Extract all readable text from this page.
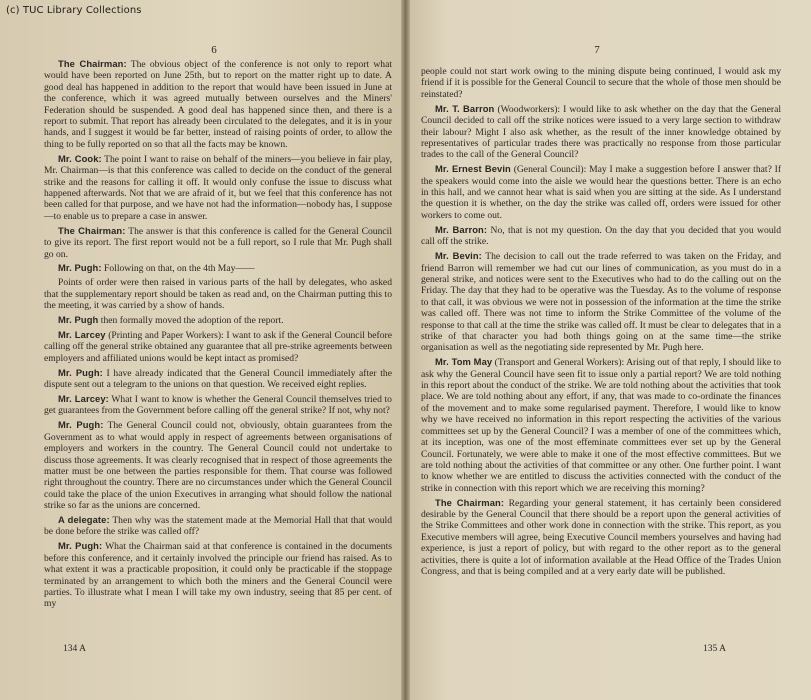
(c) TUC Library Collections
6

The Chairman: The obvious object of the conference is not only to report what would have been reported on June 25th, but to report on the matter right up to date. A good deal has happened in addition to the report that would have been issued in June at the conference, which it was agreed mutually between ourselves and the Miners' Federation should be suspended. A good deal has happened since then, and there is a report to submit. That report has already been circulated to the delegates, and it is in your hands, and I suggest it would be far better, instead of raising points of order, to allow the thing to be fully reported on so that all the facts may be known.

Mr. Cook: The point I want to raise on behalf of the miners—you believe in fair play, Mr. Chairman—is that this conference was called to decide on the conduct of the general strike and the reasons for calling it off. It would only confuse the issue to discuss what happened afterwards. Not that we are afraid of it, but we feel that this conference has not been called for that purpose, and we have not had the information—nobody has, I suppose—to enable us to prepare a case in answer.

The Chairman: The answer is that this conference is called for the General Council to give its report. The first report would not be a full report, so I rule that Mr. Pugh shall go on.

Mr. Pugh: Following on that, on the 4th May——

Points of order were then raised in various parts of the hall by delegates, who asked that the supplementary report should be taken as read and, on the Chairman putting this to the meeting, it was carried by a show of hands.

Mr. Pugh then formally moved the adoption of the report.

Mr. Larcey (Printing and Paper Workers): I want to ask if the General Council before calling off the general strike obtained any guarantee that all pre-strike agreements between employers and affiliated unions would be kept intact as promised?

Mr. Pugh: I have already indicated that the General Council immediately after the dispute sent out a telegram to the unions on that question. We received eight replies.

Mr. Larcey: What I want to know is whether the General Council themselves tried to get guarantees from the Government before calling off the general strike? If not, why not?

Mr. Pugh: The General Council could not, obviously, obtain guarantees from the Government as to what would apply in respect of agreements between organisations of employers and workers in the country. The General Council could not undertake to discuss those agreements. It was clearly recognised that in respect of those agreements the matter must be one between the parties responsible for them. That course was followed right throughout the country. There are no circumstances under which the General Council could take the place of the union Executives in arranging what should follow the national strike so far as the unions are concerned.

A delegate: Then why was the statement made at the Memorial Hall that that would be done before the strike was called off?

Mr. Pugh: What the Chairman said at that conference is contained in the documents before this conference, and it certainly involved the principle our friend has raised. As to what extent it was a practicable proposition, it could only be practicable if the stoppage terminated by an arrangement to which both the miners and the General Council were parties. To illustrate what I mean I will take my own industry, seeing that 85 per cent. of my

134 A
7

people could not start work owing to the mining dispute being continued, I would ask my friend if it is possible for the General Council to secure that the whole of those men should be reinstated?

Mr. T. Barron (Woodworkers): I would like to ask whether on the day that the General Council decided to call off the strike notices were issued to a very large section to withdraw their labour? Might I also ask whether, as the result of the inner knowledge obtained by representatives of particular trades there was practically no response from those particular trades to the call of the General Council?

Mr. Ernest Bevin (General Council): May I make a suggestion before I answer that? If the speakers would come into the aisle we would hear the questions better. There is an echo in this hall, and we cannot hear what is said when you are sitting at the side. As I understand the question it is whether, on the day the strike was called off, orders were issued for other workers to come out.

Mr. Barron: No, that is not my question. On the day that you decided that you would call off the strike.

Mr. Bevin: The decision to call out the trade referred to was taken on the Friday, and friend Barron will remember we had cut our lines of communication, as you must do in a general strike, and notices were sent to the Executives who had to do the calling out on the Friday. The day that they had to be operative was the Tuesday. As to the volume of response to that call, it was obvious we were not in possession of the information at the time the strike was called off. There was not time to inform the Strike Committee of the volume of the response to that call at the time the strike was called off. It must be clear to delegates that in a strike of that character you had both things going on at the same time—the strike organisation as well as the negotiating side represented by Mr. Pugh here.

Mr. Tom May (Transport and General Workers): Arising out of that reply, I should like to ask why the General Council have seen fit to issue only a partial report? We are told nothing in this report about the conduct of the strike. We are told nothing about the activities that took place. We are told nothing about any effort, if any, that was made to co-ordinate the finances of the movement and to make some regularised payment. Therefore, I would like to know why we have received no information in this report respecting the activities of the various committees set up by the General Council? I was a member of one of the committees which, at its inception, was one of the most effeminate committees ever set up by the General Council. Fortunately, we were able to make it one of the most effective committees. But we are told nothing about the activities of that committee or any other. One further point. I want to know whether we are entitled to discuss the activities connected with the conduct of the strike in connection with this report which we are receiving this morning?

The Chairman: Regarding your general statement, it has certainly been considered desirable by the General Council that there should be a report upon the general activities of the Strike Committees and other work done in connection with the strike. This report, as you Executive members will agree, being Executive Council members yourselves and having had experience, is just a report of policy, but with regard to the other report as to the general activities, there is quite a lot of information available at the Head Office of the Trades Union Congress, and that is being compiled and at a very early date will be published.

135 A
